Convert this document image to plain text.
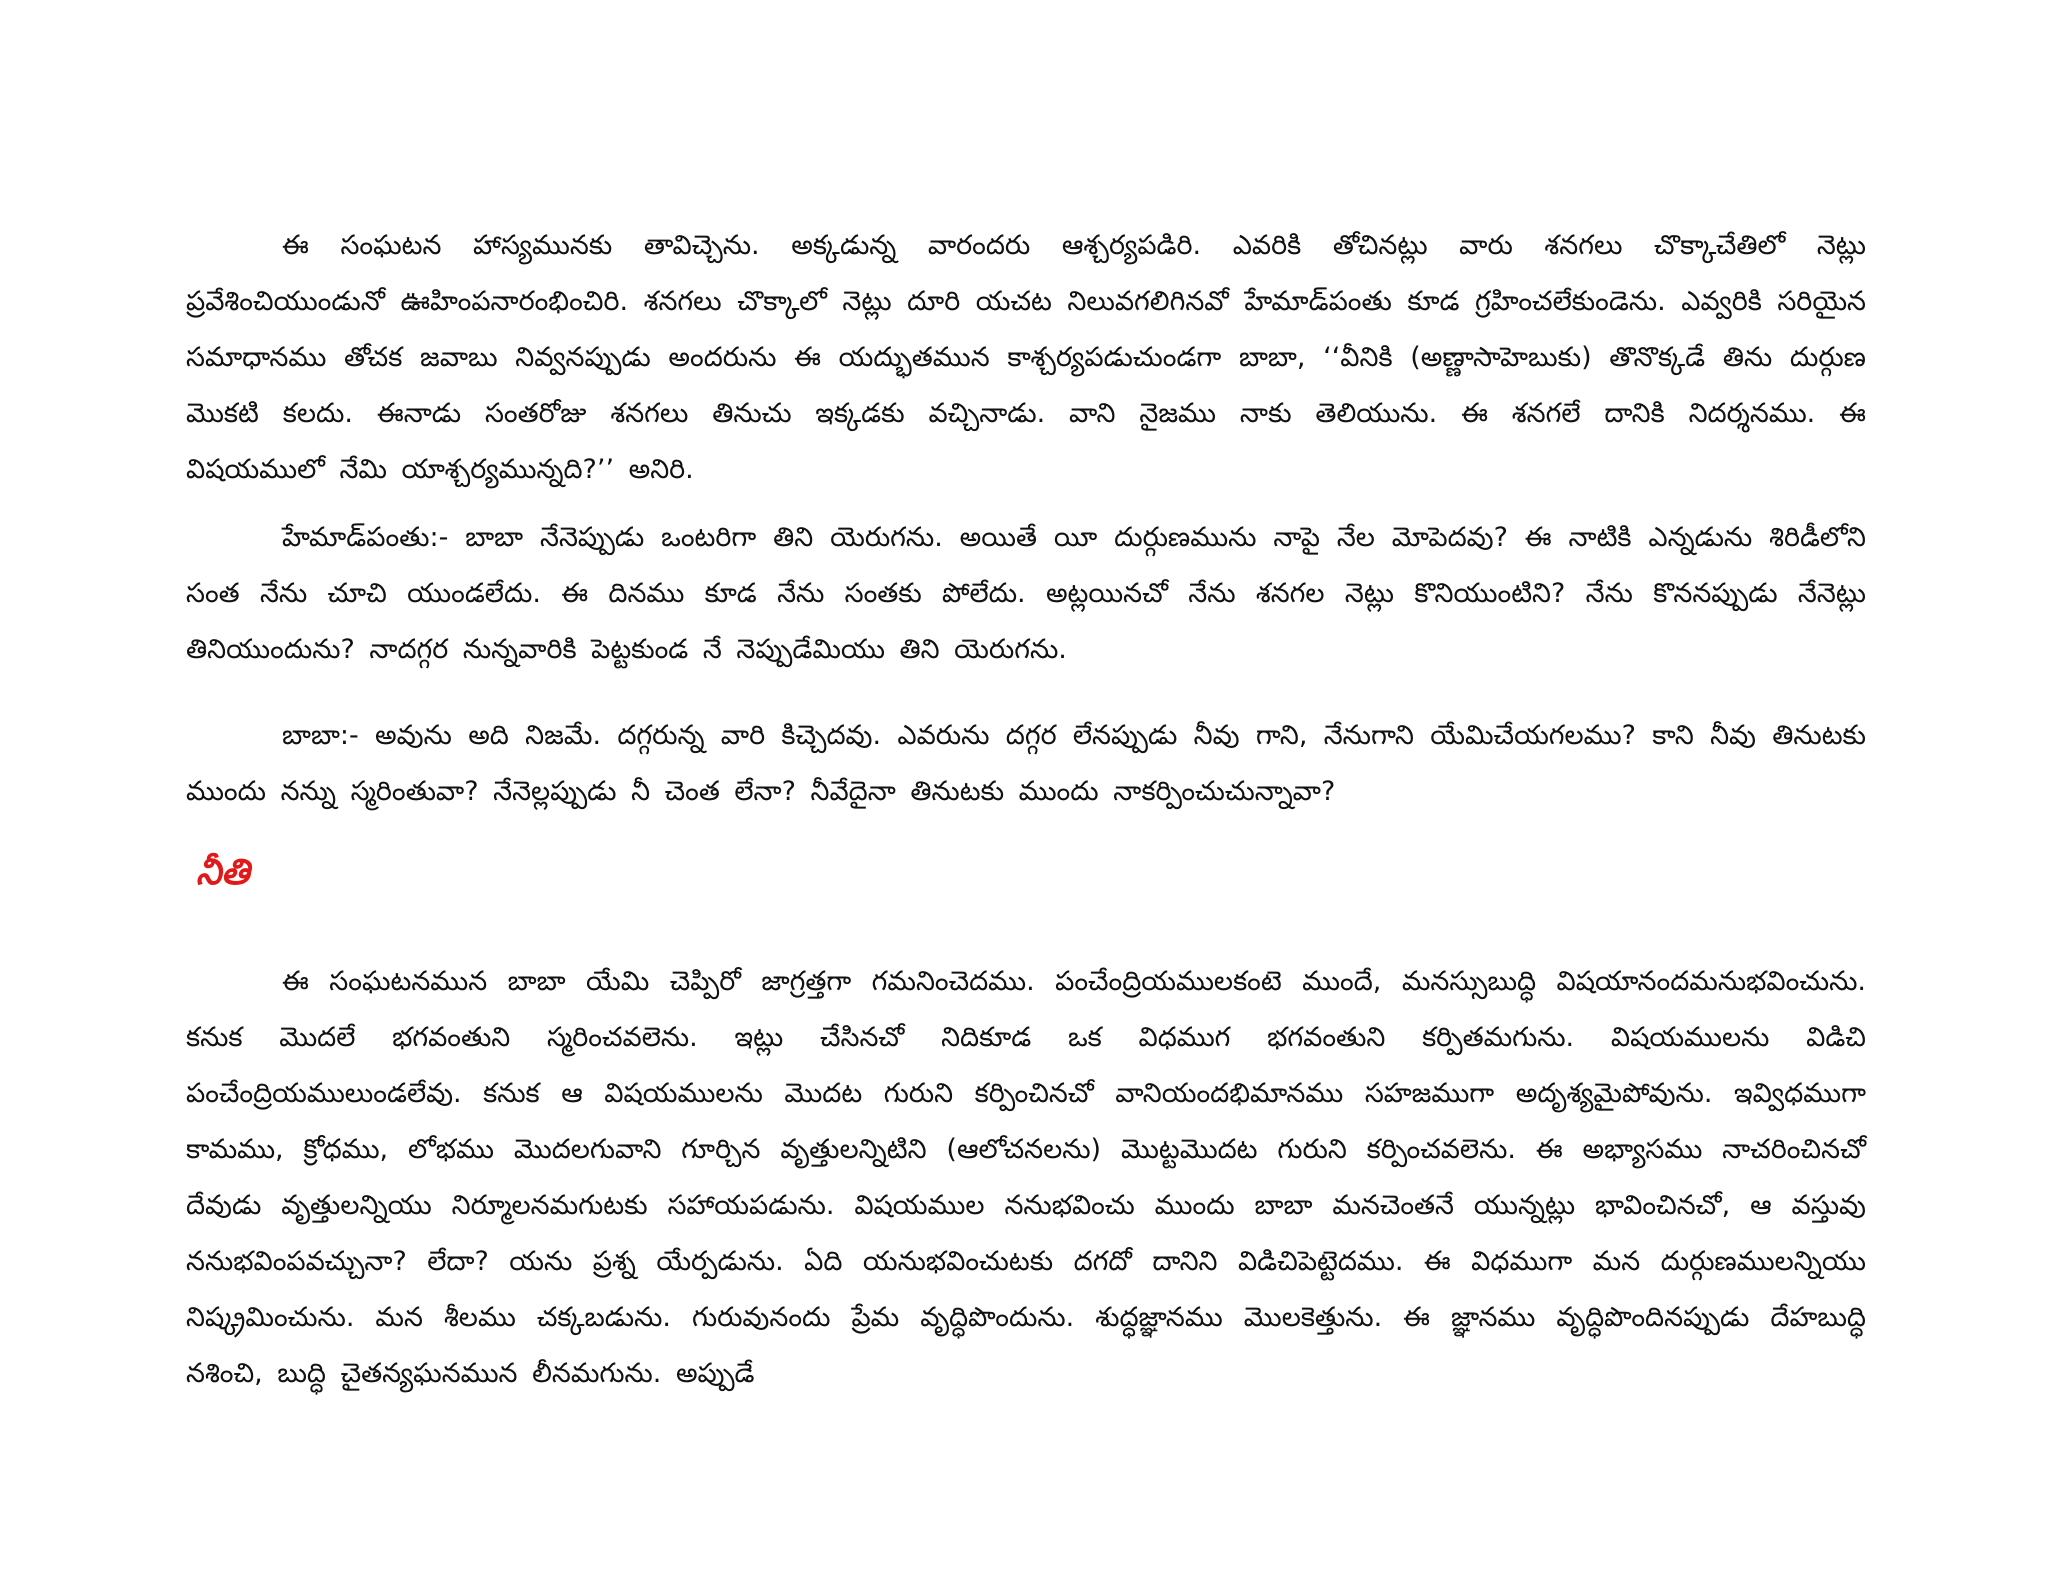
ఈ సంఘటన హాస్యమునకు తావిచ్చెను. అక్కడున్న వారందరు ఆశ్చర్యపడిరి. ఎవరికి తోచినట్లు వారు శనగలు చొక్కాచేతిలో నెట్లు ప్రవేశించియుండునో ఊహింపనారంభించిరి. శనగలు చొక్కాలో నెట్లు దూరి యచట నిలువగలిగినవో హేమాడ్‌పంతు కూడ గ్రహించలేకుండెను. ఎవ్వరికి సరియైన సమాధానము తోచక జవాబు నివ్వనప్పుడు అందరును ఈ యద్భుతమున కాశ్చర్యపడుచుండగా బాబా, ‘‘వీనికి (అణ్ణాసాహెబుకు) తొనొక్కడే తిను దుర్గుణ మొకటి కలదు. ఈనాడు సంతరోజు శనగలు తినుచు ఇక్కడకు వచ్చినాడు. వాని నైజము నాకు తెలియును. ఈ శనగలే దానికి నిదర్శనము. ఈ విషయములో నేమి యాశ్చర్యమున్నది?’’ అనిరి.

హేమాడ్‌పంతు:- బాబా నేనెప్పుడు ఒంటరిగా తిని యెరుగను. అయితే యీ దుర్గుణమును నాపై నేల మోపెదవు? ఈ నాటికి ఎన్నడును శిరిడీలోని సంత నేను చూచి యుండలేదు. ఈ దినము కూడ నేను సంతకు పోలేదు. అట్లయినచో నేను శనగల నెట్లు కొనియుంటిని? నేను కొననప్పుడు నేనెట్లు తినియుందును? నాదగ్గర నున్నవారికి పెట్టకుండ నే నెప్పుడేమియు తిని యెరుగను.

బాబా:- అవును అది నిజమే. దగ్గరున్న వారి కిచ్చెదవు. ఎవరును దగ్గర లేనప్పుడు నీవు గాని, నేనుగాని యేమిచేయగలము? కాని నీవు తినుటకు ముందు నన్ను స్మరింతువా? నేనెల్లప్పుడు నీ చెంత లేనా? నీవేదైనా తినుటకు ముందు నాకర్పించుచున్నావా?

నీతి

ఈ సంఘటనమున బాబా యేమి చెప్పిరో జాగ్రత్తగా గమనించెదము. పంచేంద్రియములకంటె ముందే, మనస్సుబుద్ధి విషయానందమనుభవించును. కనుక మొదలే భగవంతుని స్మరించవలెను. ఇట్లు చేసినచో నిదికూడ ఒక విధముగ భగవంతుని కర్పితమగును. విషయములను విడిచి పంచేంద్రియములుండలేవు. కనుక ఆ విషయములను మొదట గురుని కర్పించినచో వానియందభిమానము సహజముగా అదృశ్యమైపోవును. ఇవ్విధముగా కామము, క్రోధము, లోభము మొదలగువాని గూర్చిన వృత్తులన్నిటిని (ఆలోచనలను) మొట్టమొదట గురుని కర్పించవలెను. ఈ అభ్యాసము నాచరించినచో దేవుడు వృత్తులన్నియు నిర్మూలనమగుటకు సహాయపడును. విషయముల ననుభవించు ముందు బాబా మనచెంతనే యున్నట్లు భావించినచో, ఆ వస్తువు ననుభవింపవచ్చునా? లేదా? యను ప్రశ్న యేర్పడును. ఏది యనుభవించుటకు దగదో దానిని విడిచిపెట్టెదము. ఈ విధముగా మన దుర్గుణములన్నియు నిష్క్రమించును. మన శీలము చక్కబడును. గురువునందు ప్రేమ వృద్ధిపొందును. శుద్ధజ్ఞానము మొలకెత్తును. ఈ జ్ఞానము వృద్ధిపొందినప్పుడు దేహబుద్ధి నశించి, బుద్ధి చైతన్యఘనమున లీనమగును. అప్పుడే
